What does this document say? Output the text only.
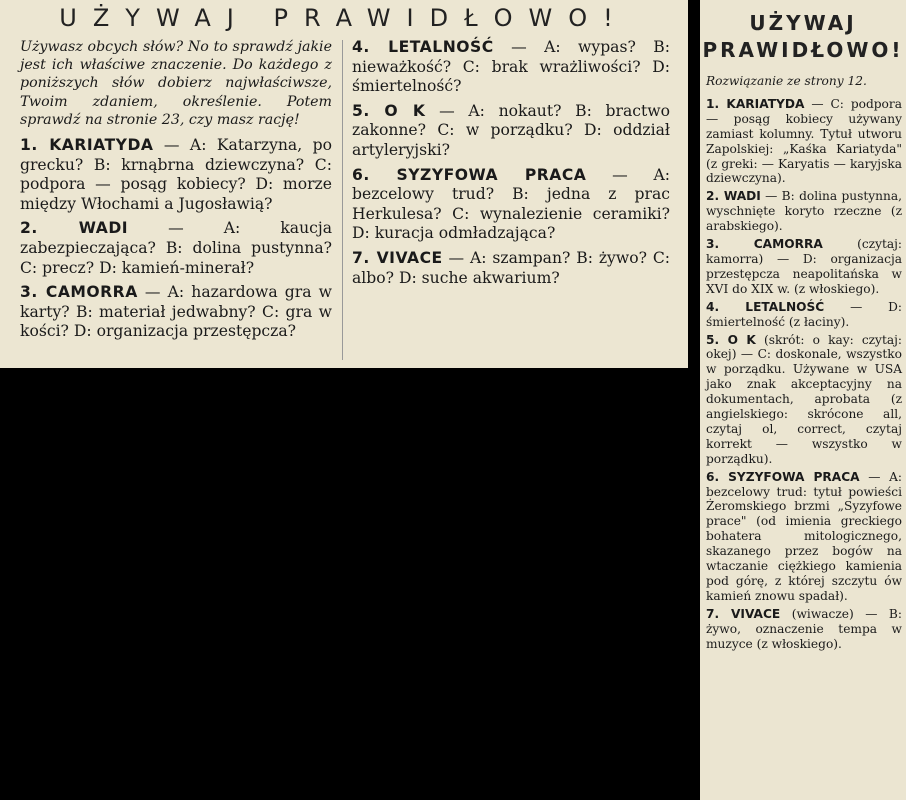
UŻYWAJ PRAWIDŁOWO!

Używasz obcych słów? No to sprawdź jakie jest ich właściwe znaczenie. Do każdego z poniższych słów dobierz najwłaściwsze, Twoim zdaniem, określenie. Potem sprawdź na stronie 23, czy masz rację!

1. KARIATYDA — A: Katarzyna, po grecku? B: krnąbrna dziewczyna? C: podpora — posąg kobiecy? D: morze między Włochami a Jugosławią?

2. WADI — A: kaucja zabezpieczająca? B: dolina pustynna? C: precz? D: kamień-minerał?

3. CAMORRA — A: hazardowa gra w karty? B: materiał jedwabny? C: gra w kości? D: organizacja przestępcza?

4. LETALNOŚĆ — A: wypas? B: nieważkość? C: brak wrażliwości? D: śmiertelność?

5. O K — A: nokaut? B: bractwo zakonne? C: w porządku? D: oddział artyleryjski?

6. SYZYFOWA PRACA — A: bezcelowy trud? B: jedna z prac Herkulesa? C: wynalezienie ceramiki? D: kuracja odmładzająca?

7. VIVACE — A: szampan? B: żywo? C: albo? D: suche akwarium?

UŻYWAJ
PRAWIDŁOWO!

Rozwiązanie ze strony 12.

1. KARIATYDA — C: podpora — posąg kobiecy używany zamiast kolumny. Tytuł utworu Zapolskiej: „Kaśka Kariatyda" (z greki: — Karyatis — karyjska dziewczyna).

2. WADI — B: dolina pustynna, wyschnięte koryto rzeczne (z arabskiego).

3. CAMORRA (czytaj: kamorra) — D: organizacja przestępcza neapolitańska w XVI do XIX w. (z włoskiego).

4. LETALNOŚĆ — D: śmiertelność (z łaciny).

5. O K (skrót: o kay: czytaj: okej) — C: doskonale, wszystko w porządku. Używane w USA jako znak akceptacyjny na dokumentach, aprobata (z angielskiego: skrócone all, czytaj ol, correct, czytaj korrekt — wszystko w porządku).

6. SYZYFOWA PRACA — A: bezcelowy trud: tytuł powieści Żeromskiego brzmi „Syzyfowe prace" (od imienia greckiego bohatera mitologicznego, skazanego przez bogów na wtaczanie ciężkiego kamienia pod górę, z której szczytu ów kamień znowu spadał).

7. VIVACE (wiwacze) — B: żywo, oznaczenie tempa w muzyce (z włoskiego).
